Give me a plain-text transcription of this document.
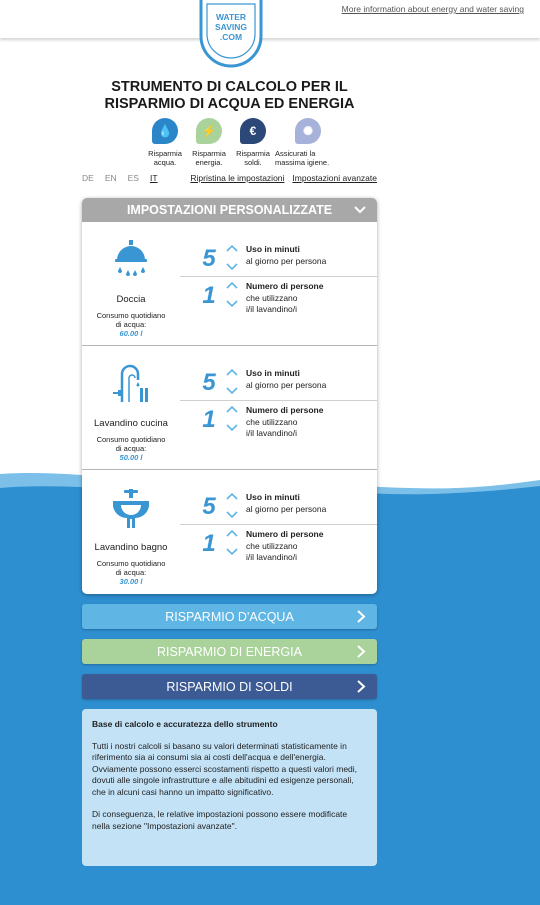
More information about energy and water saving
WATER
SAVING
.COM
STRUMENTO DI CALCOLO PER IL
RISPARMIO DI ACQUA ED ENERGIA
💧
Risparmia
acqua.
⚡
Risparmia
energia.
€
Risparmia
soldi.
✺
Assicurati la
massima igiene.
DE EN ES IT	Ripristina le impostazioni Impostazioni avanzate
IMPOSTAZIONI PERSONALIZZATE
Doccia
Consumo quotidiano
di acqua:
60.00 l
5	Uso in minuti
al giorno per persona
1	Numero di persone
che utilizzano
i/il lavandino/i
Lavandino cucina
Consumo quotidiano
di acqua:
50.00 l
5	Uso in minuti
al giorno per persona
1	Numero di persone
che utilizzano
i/il lavandino/i
Lavandino bagno
Consumo quotidiano
di acqua:
30.00 l
5	Uso in minuti
al giorno per persona
1	Numero di persone
che utilizzano
i/il lavandino/i
RISPARMIO D'ACQUA
RISPARMIO DI ENERGIA
RISPARMIO DI SOLDI
Base di calcolo e accuratezza dello strumento

Tutti i nostri calcoli si basano su valori determinati statisticamente in riferimento sia ai consumi sia ai costi dell'acqua e dell'energia. Ovviamente possono esserci scostamenti rispetto a questi valori medi, dovuti alle singole infrastrutture e alle abitudini ed esigenze personali, che in alcuni casi hanno un impatto significativo.

Di conseguenza, le relative impostazioni possono essere modificate nella sezione "Impostazioni avanzate".
